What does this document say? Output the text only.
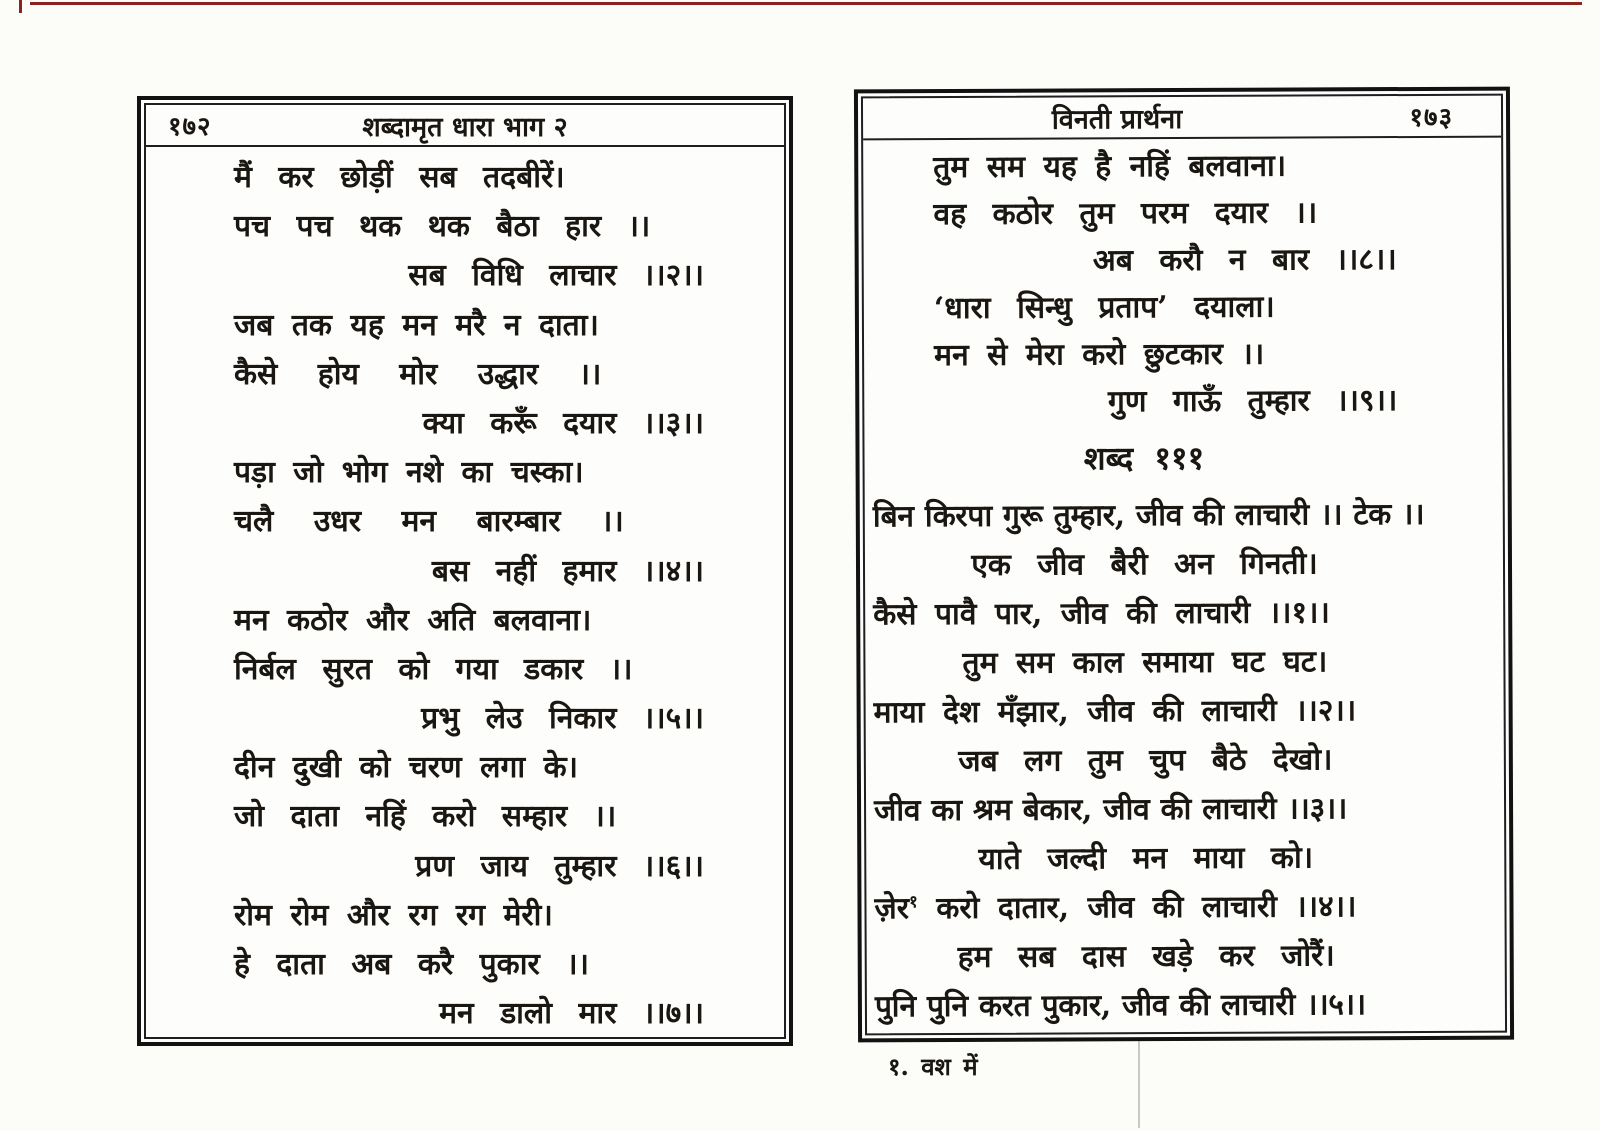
१७२	शब्दामृत धारा भाग २
मैं कर छोड़ीं सब तदबीरें।
पच पच थक थक बैठा हार ।।
सब विधि लाचार ।।२।।
जब तक यह मन मरै न दाता।
कैसे होय मोर उद्धार ।।
क्या करूँ दयार ।।३।।
पड़ा जो भोग नशे का चस्का।
चलै उधर मन बारम्बार ।।
बस नहीं हमार ।।४।।
मन कठोर और अति बलवाना।
निर्बल सुरत को गया डकार ।।
प्रभु लेउ निकार ।।५।।
दीन दुखी को चरण लगा के।
जो दाता नहिं करो सम्हार ।।
प्रण जाय तुम्हार ।।६।।
रोम रोम और रग रग मेरी।
हे दाता अब करै पुकार ।।
मन डालो मार ।।७।।
विनती प्रार्थना	१७३
तुम सम यह है नहिं बलवाना।
वह कठोर तुम परम दयार ।।
अब करौ न बार ।।८।।
‘धारा सिन्धु प्रताप’ दयाला।
मन से मेरा करो छुटकार ।।
गुण गाऊँ तुम्हार ।।९।।
शब्द १११
बिन किरपा गुरू तुम्हार, जीव की लाचारी ।। टेक ।।
एक जीव बैरी अन गिनती।
कैसे पावै पार, जीव की लाचारी ।।१।।
तुम सम काल समाया घट घट।
माया देश मँझार, जीव की लाचारी ।।२।।
जब लग तुम चुप बैठे देखो।
जीव का श्रम बेकार, जीव की लाचारी ।।३।।
याते जल्दी मन माया को।
ज़ेर$^१$ करो दातार, जीव की लाचारी ।।४।।
हम सब दास खड़े कर जोरैं।
पुनि पुनि करत पुकार, जीव की लाचारी ।।५।।
१. वश में
